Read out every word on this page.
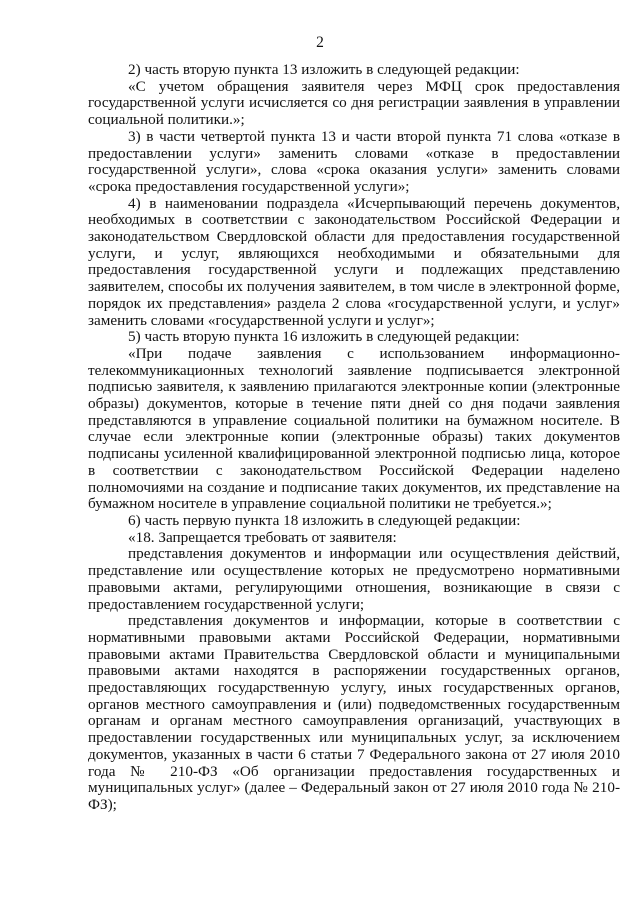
2

2) часть вторую пункта 13 изложить в следующей редакции:

«С учетом обращения заявителя через МФЦ срок предоставления государственной услуги исчисляется со дня регистрации заявления в управлении социальной политики.»;

3) в части четвертой пункта 13 и части второй пункта 71 слова «отказе в предоставлении услуги» заменить словами «отказе в предоставлении государственной услуги», слова «срока оказания услуги» заменить словами «срока предоставления государственной услуги»;

4) в наименовании подраздела «Исчерпывающий перечень документов, необходимых в соответствии с законодательством Российской Федерации и законодательством Свердловской области для предоставления государственной услуги, и услуг, являющихся необходимыми и обязательными для предоставления государственной услуги и подлежащих представлению заявителем, способы их получения заявителем, в том числе в электронной форме, порядок их представления» раздела 2 слова «государственной услуги, и услуг» заменить словами «государственной услуги и услуг»;

5) часть вторую пункта 16 изложить в следующей редакции:

«При подаче заявления с использованием информационно-телекоммуникационных технологий заявление подписывается электронной подписью заявителя, к заявлению прилагаются электронные копии (электронные образы) документов, которые в течение пяти дней со дня подачи заявления представляются в управление социальной политики на бумажном носителе. В случае если электронные копии (электронные образы) таких документов подписаны усиленной квалифицированной электронной подписью лица, которое в соответствии с законодательством Российской Федерации наделено полномочиями на создание и подписание таких документов, их представление на бумажном носителе в управление социальной политики не требуется.»;

6) часть первую пункта 18 изложить в следующей редакции:

«18. Запрещается требовать от заявителя:

представления документов и информации или осуществления действий, представление или осуществление которых не предусмотрено нормативными правовыми актами, регулирующими отношения, возникающие в связи с предоставлением государственной услуги;

представления документов и информации, которые в соответствии с нормативными правовыми актами Российской Федерации, нормативными правовыми актами Правительства Свердловской области и муниципальными правовыми актами находятся в распоряжении государственных органов, предоставляющих государственную услугу, иных государственных органов, органов местного самоуправления и (или) подведомственных государственным органам и органам местного самоуправления организаций, участвующих в предоставлении государственных или муниципальных услуг, за исключением документов, указанных в части 6 статьи 7 Федерального закона от 27 июля 2010 года № 210-ФЗ «Об организации предоставления государственных и муниципальных услуг» (далее – Федеральный закон от 27 июля 2010 года № 210-ФЗ);
